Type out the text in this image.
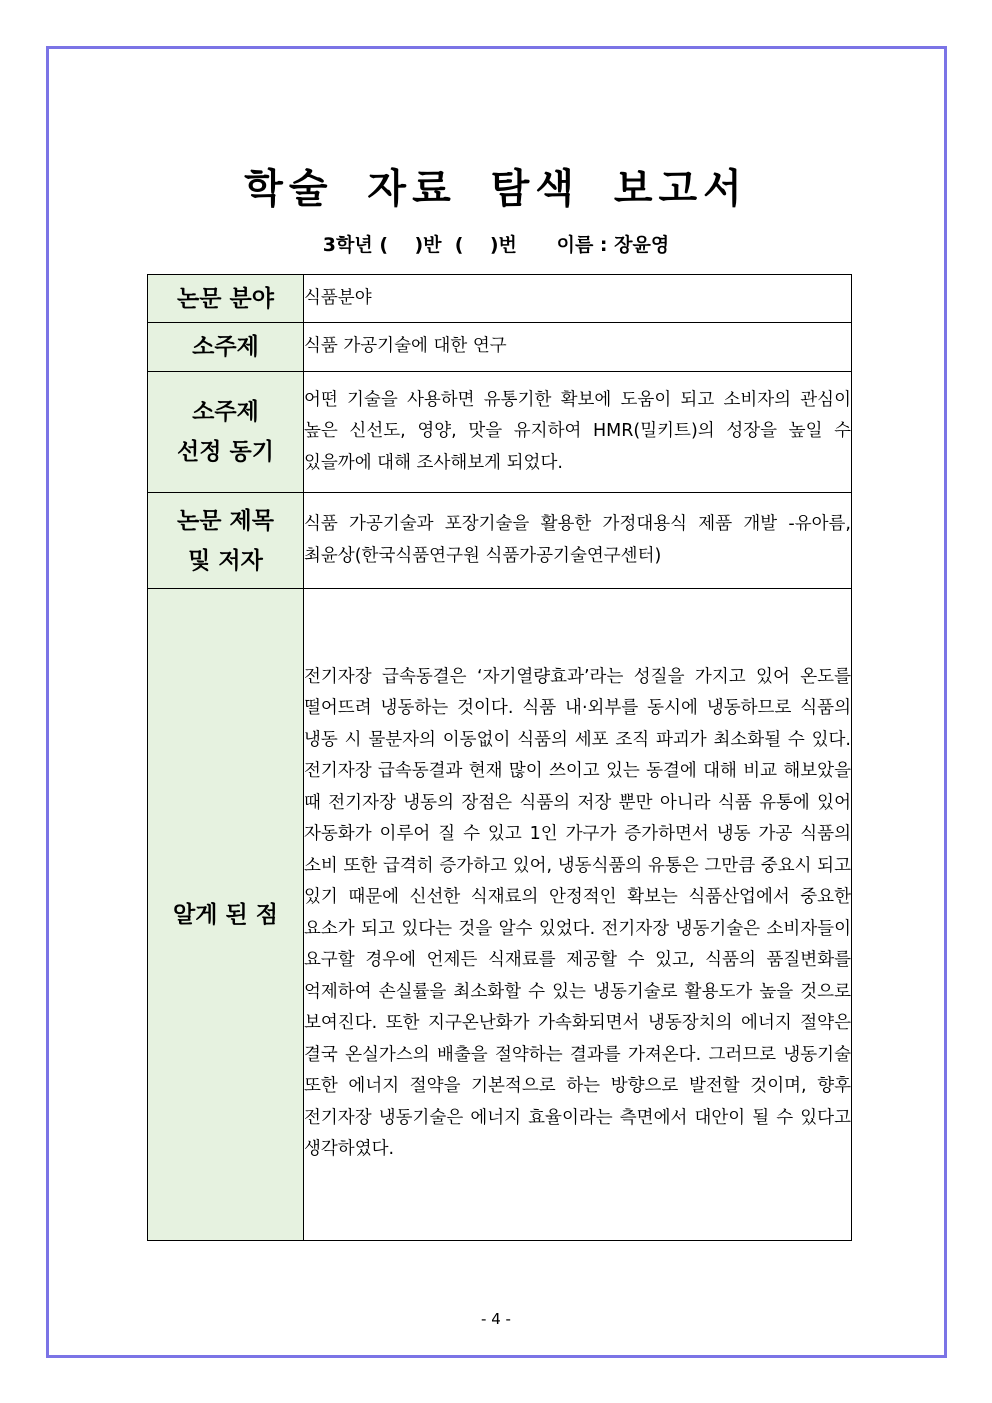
학술 자료 탐색 보고서
3학년 (    )반  (    )번      이름 : 장윤영
논문 분야	식품분야
소주제	식품 가공기술에 대한 연구

소주제
선정 동기	어떤 기술을 사용하면 유통기한 확보에 도움이 되고 소비자의 관심이 높은 신선도, 영양, 맛을 유지하여 HMR(밀키트)의 성장을 높일 수 있을까에 대해 조사해보게 되었다.

논문 제목
및 저자	식품 가공기술과 포장기술을 활용한 가정대용식 제품 개발 -유아름, 최윤상(한국식품연구원 식품가공기술연구센터)
알게 된 점	전기자장 급속동결은 ‘자기열량효과’라는 성질을 가지고 있어 온도를 떨어뜨려 냉동하는 것이다. 식품 내·외부를 동시에 냉동하므로 식품의 냉동 시 물분자의 이동없이 식품의 세포 조직 파괴가 최소화될 수 있다. 전기자장 급속동결과 현재 많이 쓰이고 있는 동결에 대해 비교 해보았을 때 전기자장 냉동의 장점은 식품의 저장 뿐만 아니라 식품 유통에 있어 자동화가 이루어 질 수 있고 1인 가구가 증가하면서 냉동 가공 식품의 소비 또한 급격히 증가하고 있어, 냉동식품의 유통은 그만큼 중요시 되고 있기 때문에 신선한 식재료의 안정적인 확보는 식품산업에서 중요한 요소가 되고 있다는 것을 알수 있었다. 전기자장 냉동기술은 소비자들이 요구할 경우에 언제든 식재료를 제공할 수 있고, 식품의 품질변화를 억제하여 손실률을 최소화할 수 있는 냉동기술로 활용도가 높을 것으로 보여진다. 또한 지구온난화가 가속화되면서 냉동장치의 에너지 절약은 결국 온실가스의 배출을 절약하는 결과를 가져온다. 그러므로 냉동기술 또한 에너지 절약을 기본적으로 하는 방향으로 발전할 것이며, 향후 전기자장 냉동기술은 에너지 효율이라는 측면에서 대안이 될 수 있다고 생각하였다.
- 4 -
